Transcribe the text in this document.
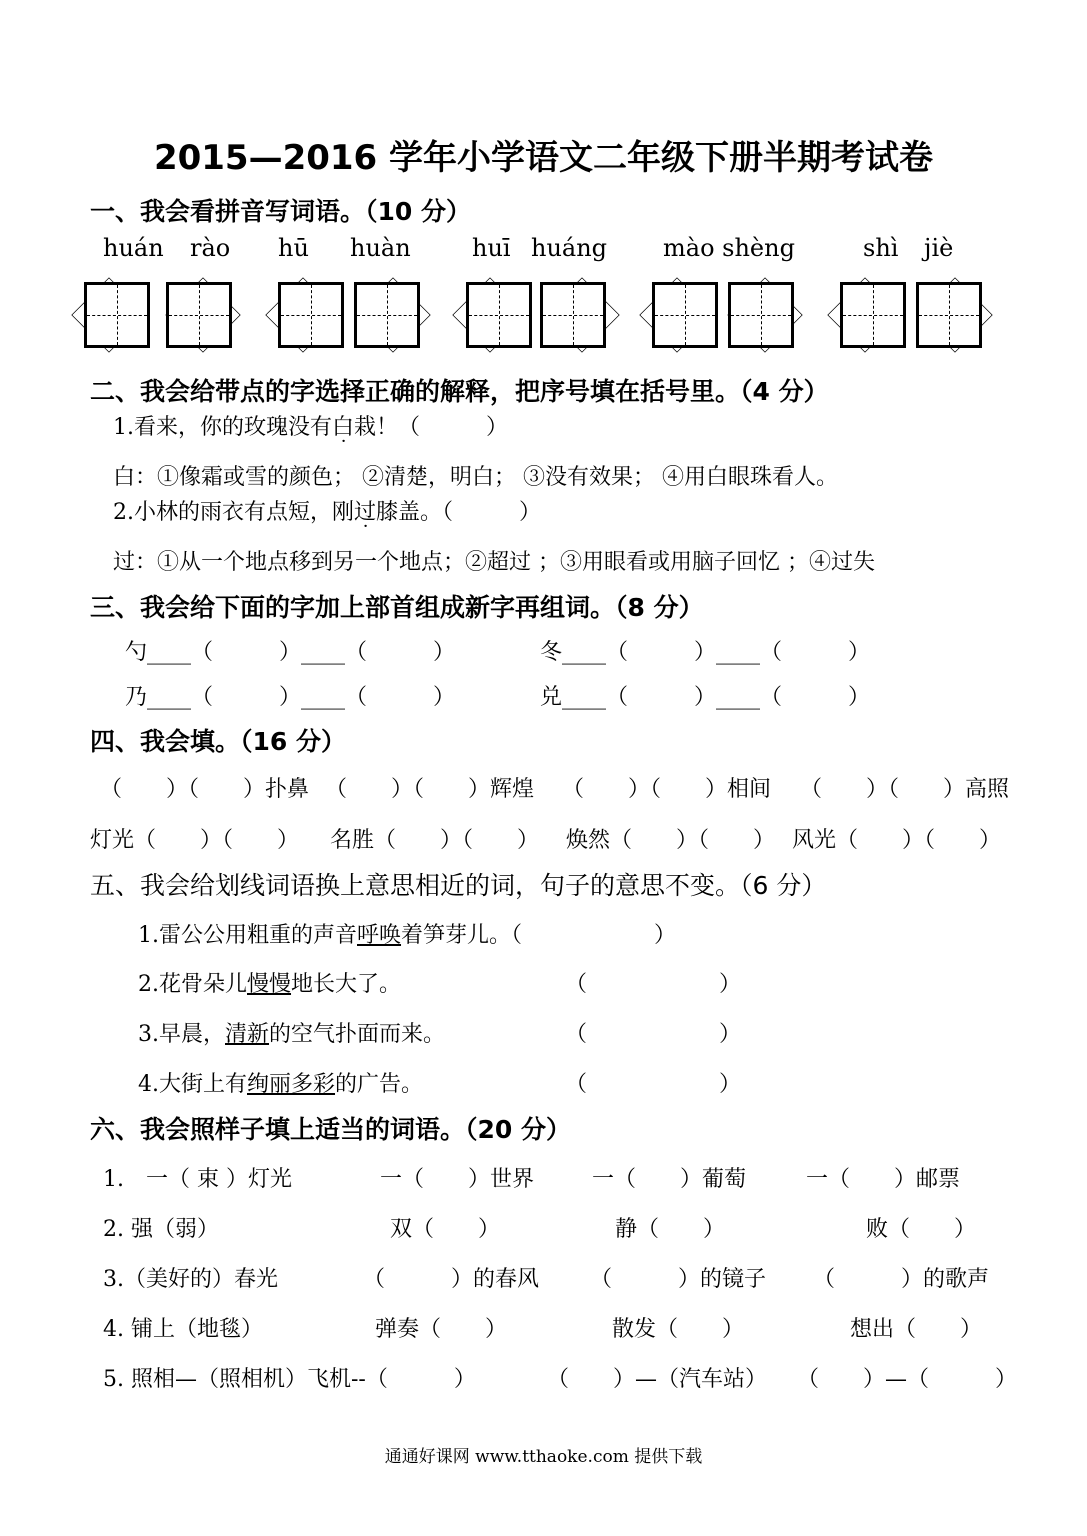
2015—2016 学年小学语文二年级下册半期考试卷
一、我会看拼音写词语。（10 分）
huán rào hū huàn	huī huáng mào shèng	shì jiè
二、我会给带点的字选择正确的解释，把序号填在括号里。（4 分）
1.看来，你的玫瑰没有白栽！（　　　）
白：①像霜或雪的颜色； ②清楚，明白； ③没有效果； ④用白眼珠看人。
2.小林的雨衣有点短，刚过膝盖。（　　　）
过：①从一个地点移到另一个地点；②超过 ；③用眼看或用脑子回忆 ；④过失
三、我会给下面的字加上部首组成新字再组词。（8 分）
勺____（　　　）____（　　　）	冬____（　　　）____（　　　）
乃____（　　　）____（　　　）	兑____（　　　）____（　　　）
四、我会填。（16 分）
（　　）（　　）扑鼻 （　　）（　　）辉煌 （　　）（　　）相间 （　　）（　　）高照
灯光（　　）（　　） 名胜（　　）（　　） 焕然（　　）（　　） 风光（　　）（　　）
五、我会给划线词语换上意思相近的词，句子的意思不变。（6 分）
1.雷公公用粗重的声音呼唤着笋芽儿。（　　　　　　）
2.花骨朵儿慢慢地长大了。	（　　　　　　）
3.早晨，清新的空气扑面而来。	（　　　　　　）
4.大街上有绚丽多彩的广告。	（　　　　　　）
六、我会照样子填上适当的词语。（20 分）
1.　一（ 束 ）灯光	一（　　）世界	一（　　）葡萄	一（　　）邮票
2. 强（弱）	双（　　）	静（　　）	败（　　）
3.（美好的）春光	（　　　）的春风 （　　　）的镜子 （　　　）的歌声
4. 铺上（地毯）	弹奏（　　）	散发（　　）	想出（　　）
5. 照相—（照相机）飞机--（　　　）	（　　）—（汽车站） （　　）—（　　　）
通通好课网 www.tthaoke.com 提供下载
